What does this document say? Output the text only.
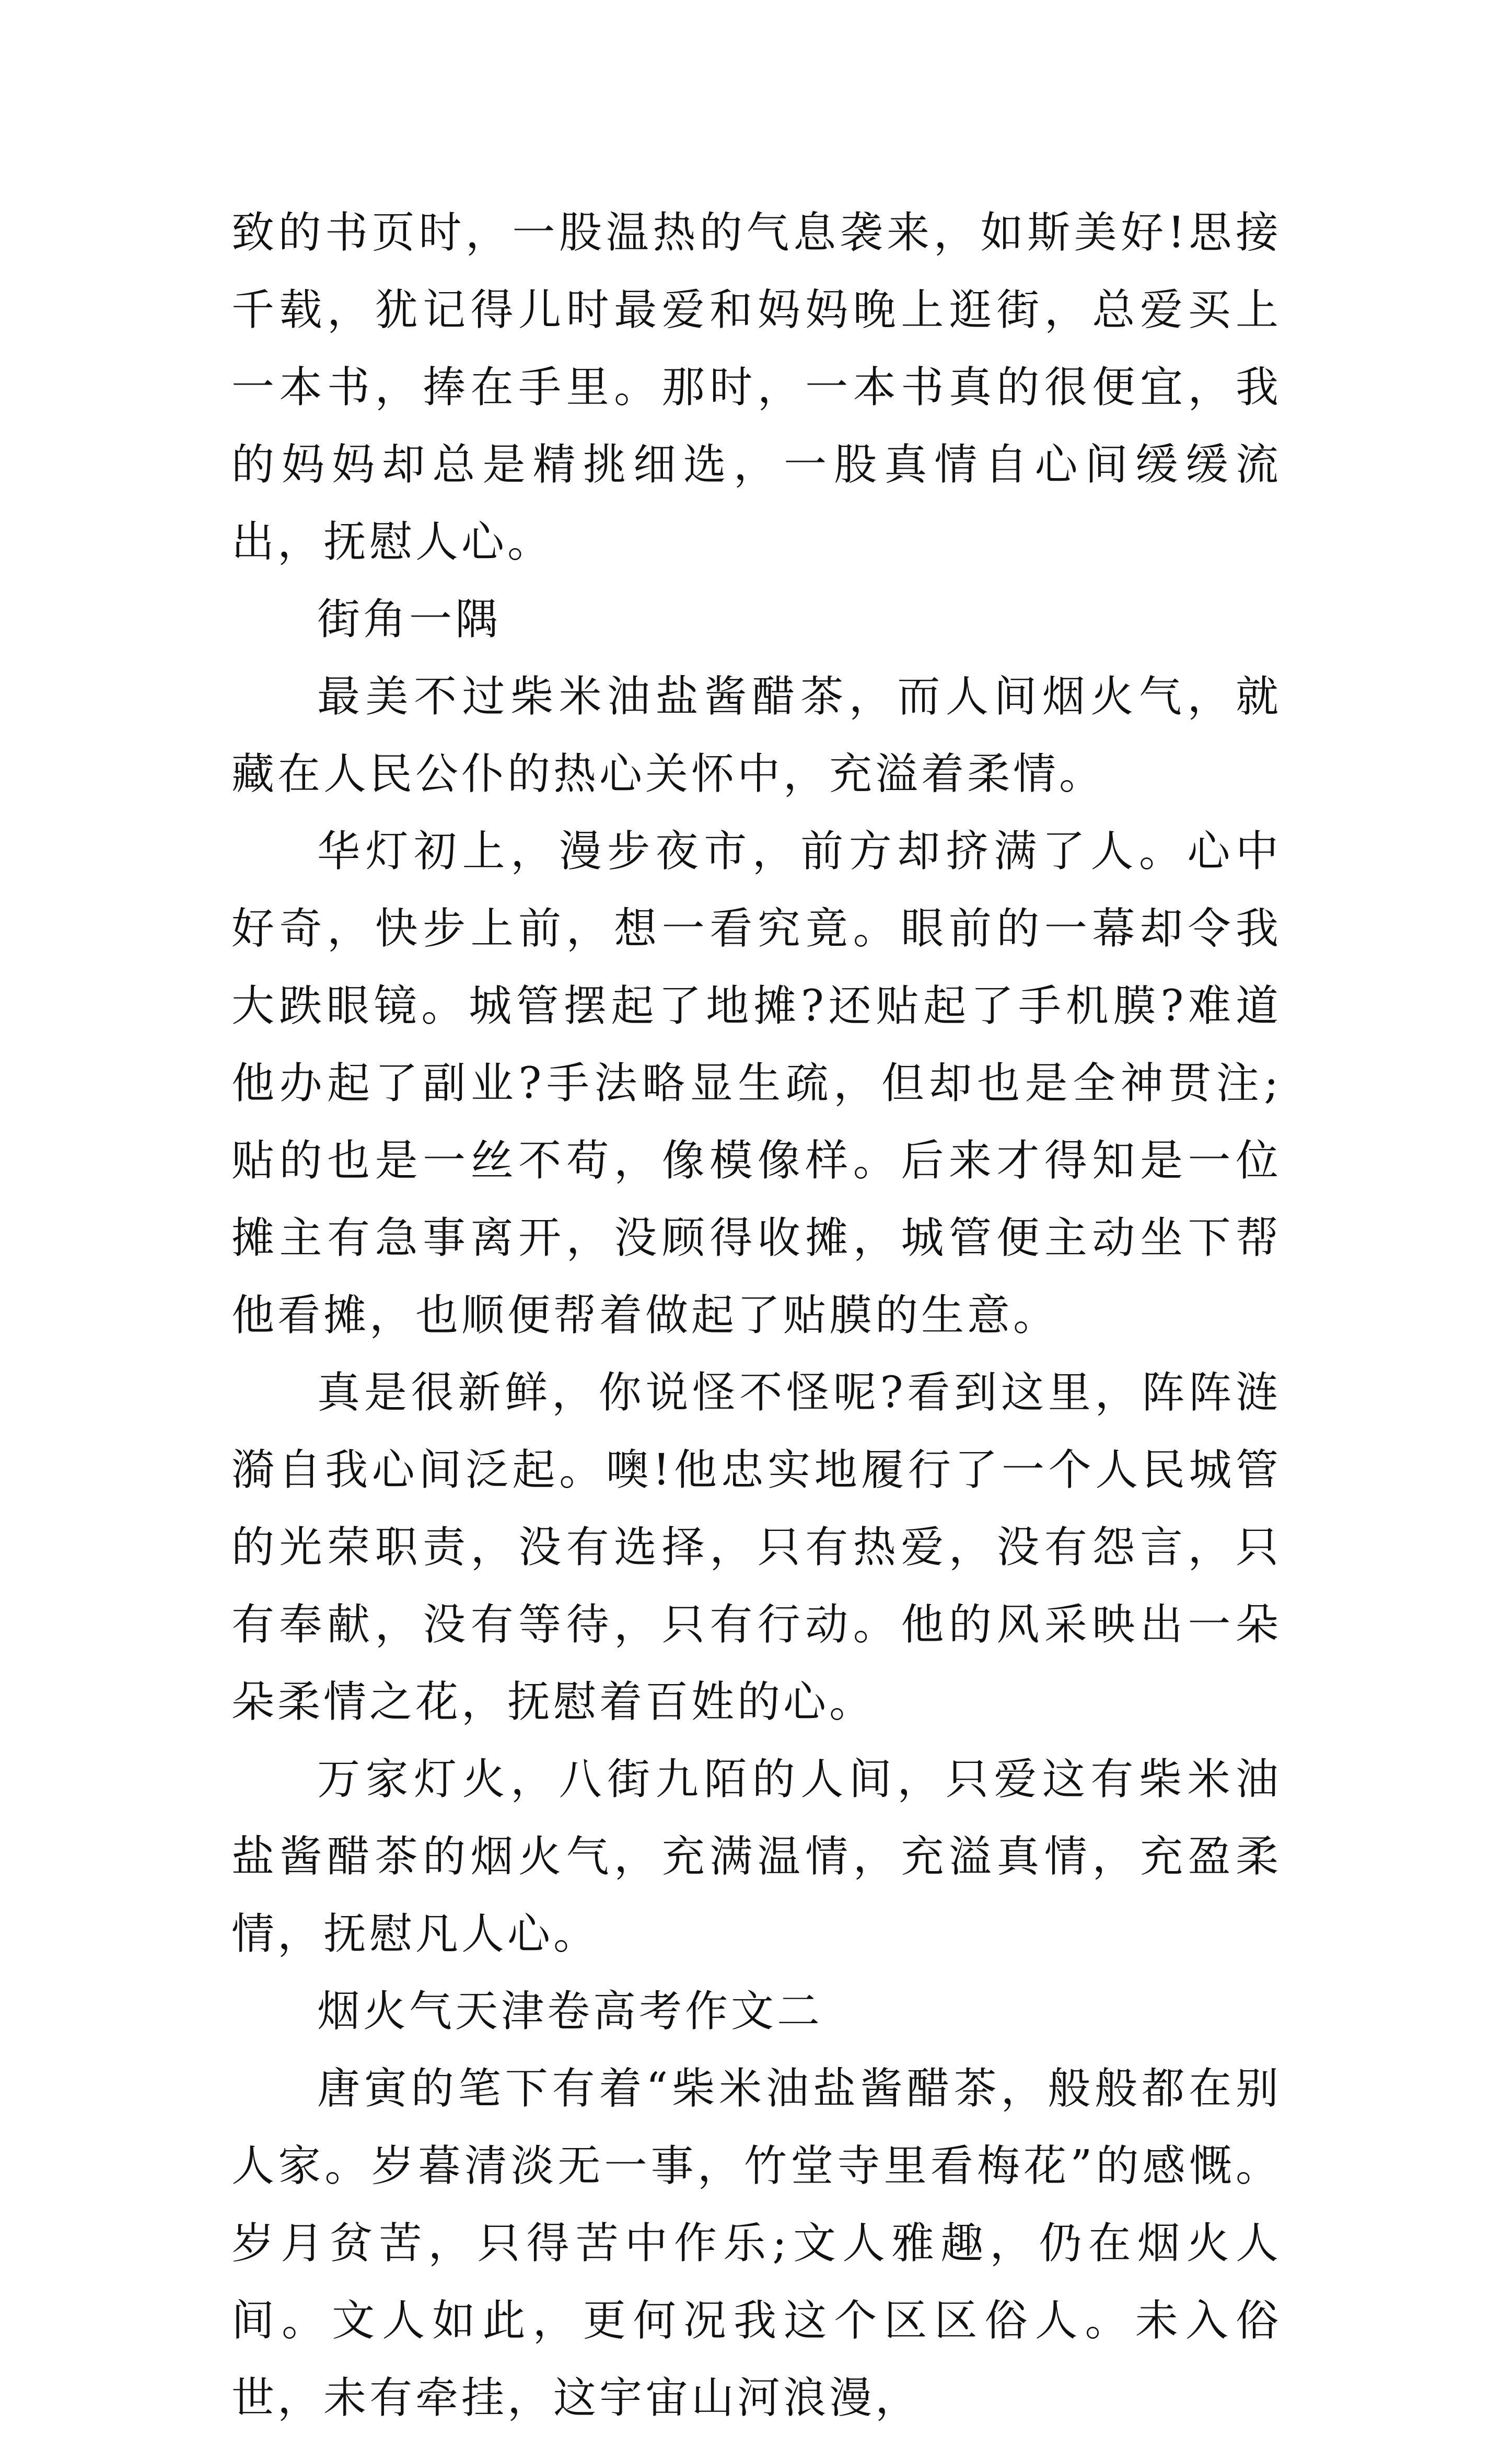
致的书页时，一股温热的气息袭来，如斯美好!思接千载，犹记得儿时最爱和妈妈晚上逛街，总爱买上一本书，捧在手里。那时，一本书真的很便宜，我的妈妈却总是精挑细选，一股真情自心间缓缓流出，抚慰人心。

街角一隅

最美不过柴米油盐酱醋茶，而人间烟火气，就藏在人民公仆的热心关怀中，充溢着柔情。

华灯初上，漫步夜市，前方却挤满了人。心中好奇，快步上前，想一看究竟。眼前的一幕却令我大跌眼镜。城管摆起了地摊?还贴起了手机膜?难道他办起了副业?手法略显生疏，但却也是全神贯注;贴的也是一丝不苟，像模像样。后来才得知是一位摊主有急事离开，没顾得收摊，城管便主动坐下帮他看摊，也顺便帮着做起了贴膜的生意。

真是很新鲜，你说怪不怪呢?看到这里，阵阵涟漪自我心间泛起。噢!他忠实地履行了一个人民城管的光荣职责，没有选择，只有热爱，没有怨言，只有奉献，没有等待，只有行动。他的风采映出一朵朵柔情之花，抚慰着百姓的心。

万家灯火，八街九陌的人间，只爱这有柴米油盐酱醋茶的烟火气，充满温情，充溢真情，充盈柔情，抚慰凡人心。

烟火气天津卷高考作文二

唐寅的笔下有着“柴米油盐酱醋茶，般般都在别人家。岁暮清淡无一事，竹堂寺里看梅花”的感慨。岁月贫苦，只得苦中作乐;文人雅趣，仍在烟火人间。文人如此，更何况我这个区区俗人。未入俗世，未有牵挂，这宇宙山河浪漫，
